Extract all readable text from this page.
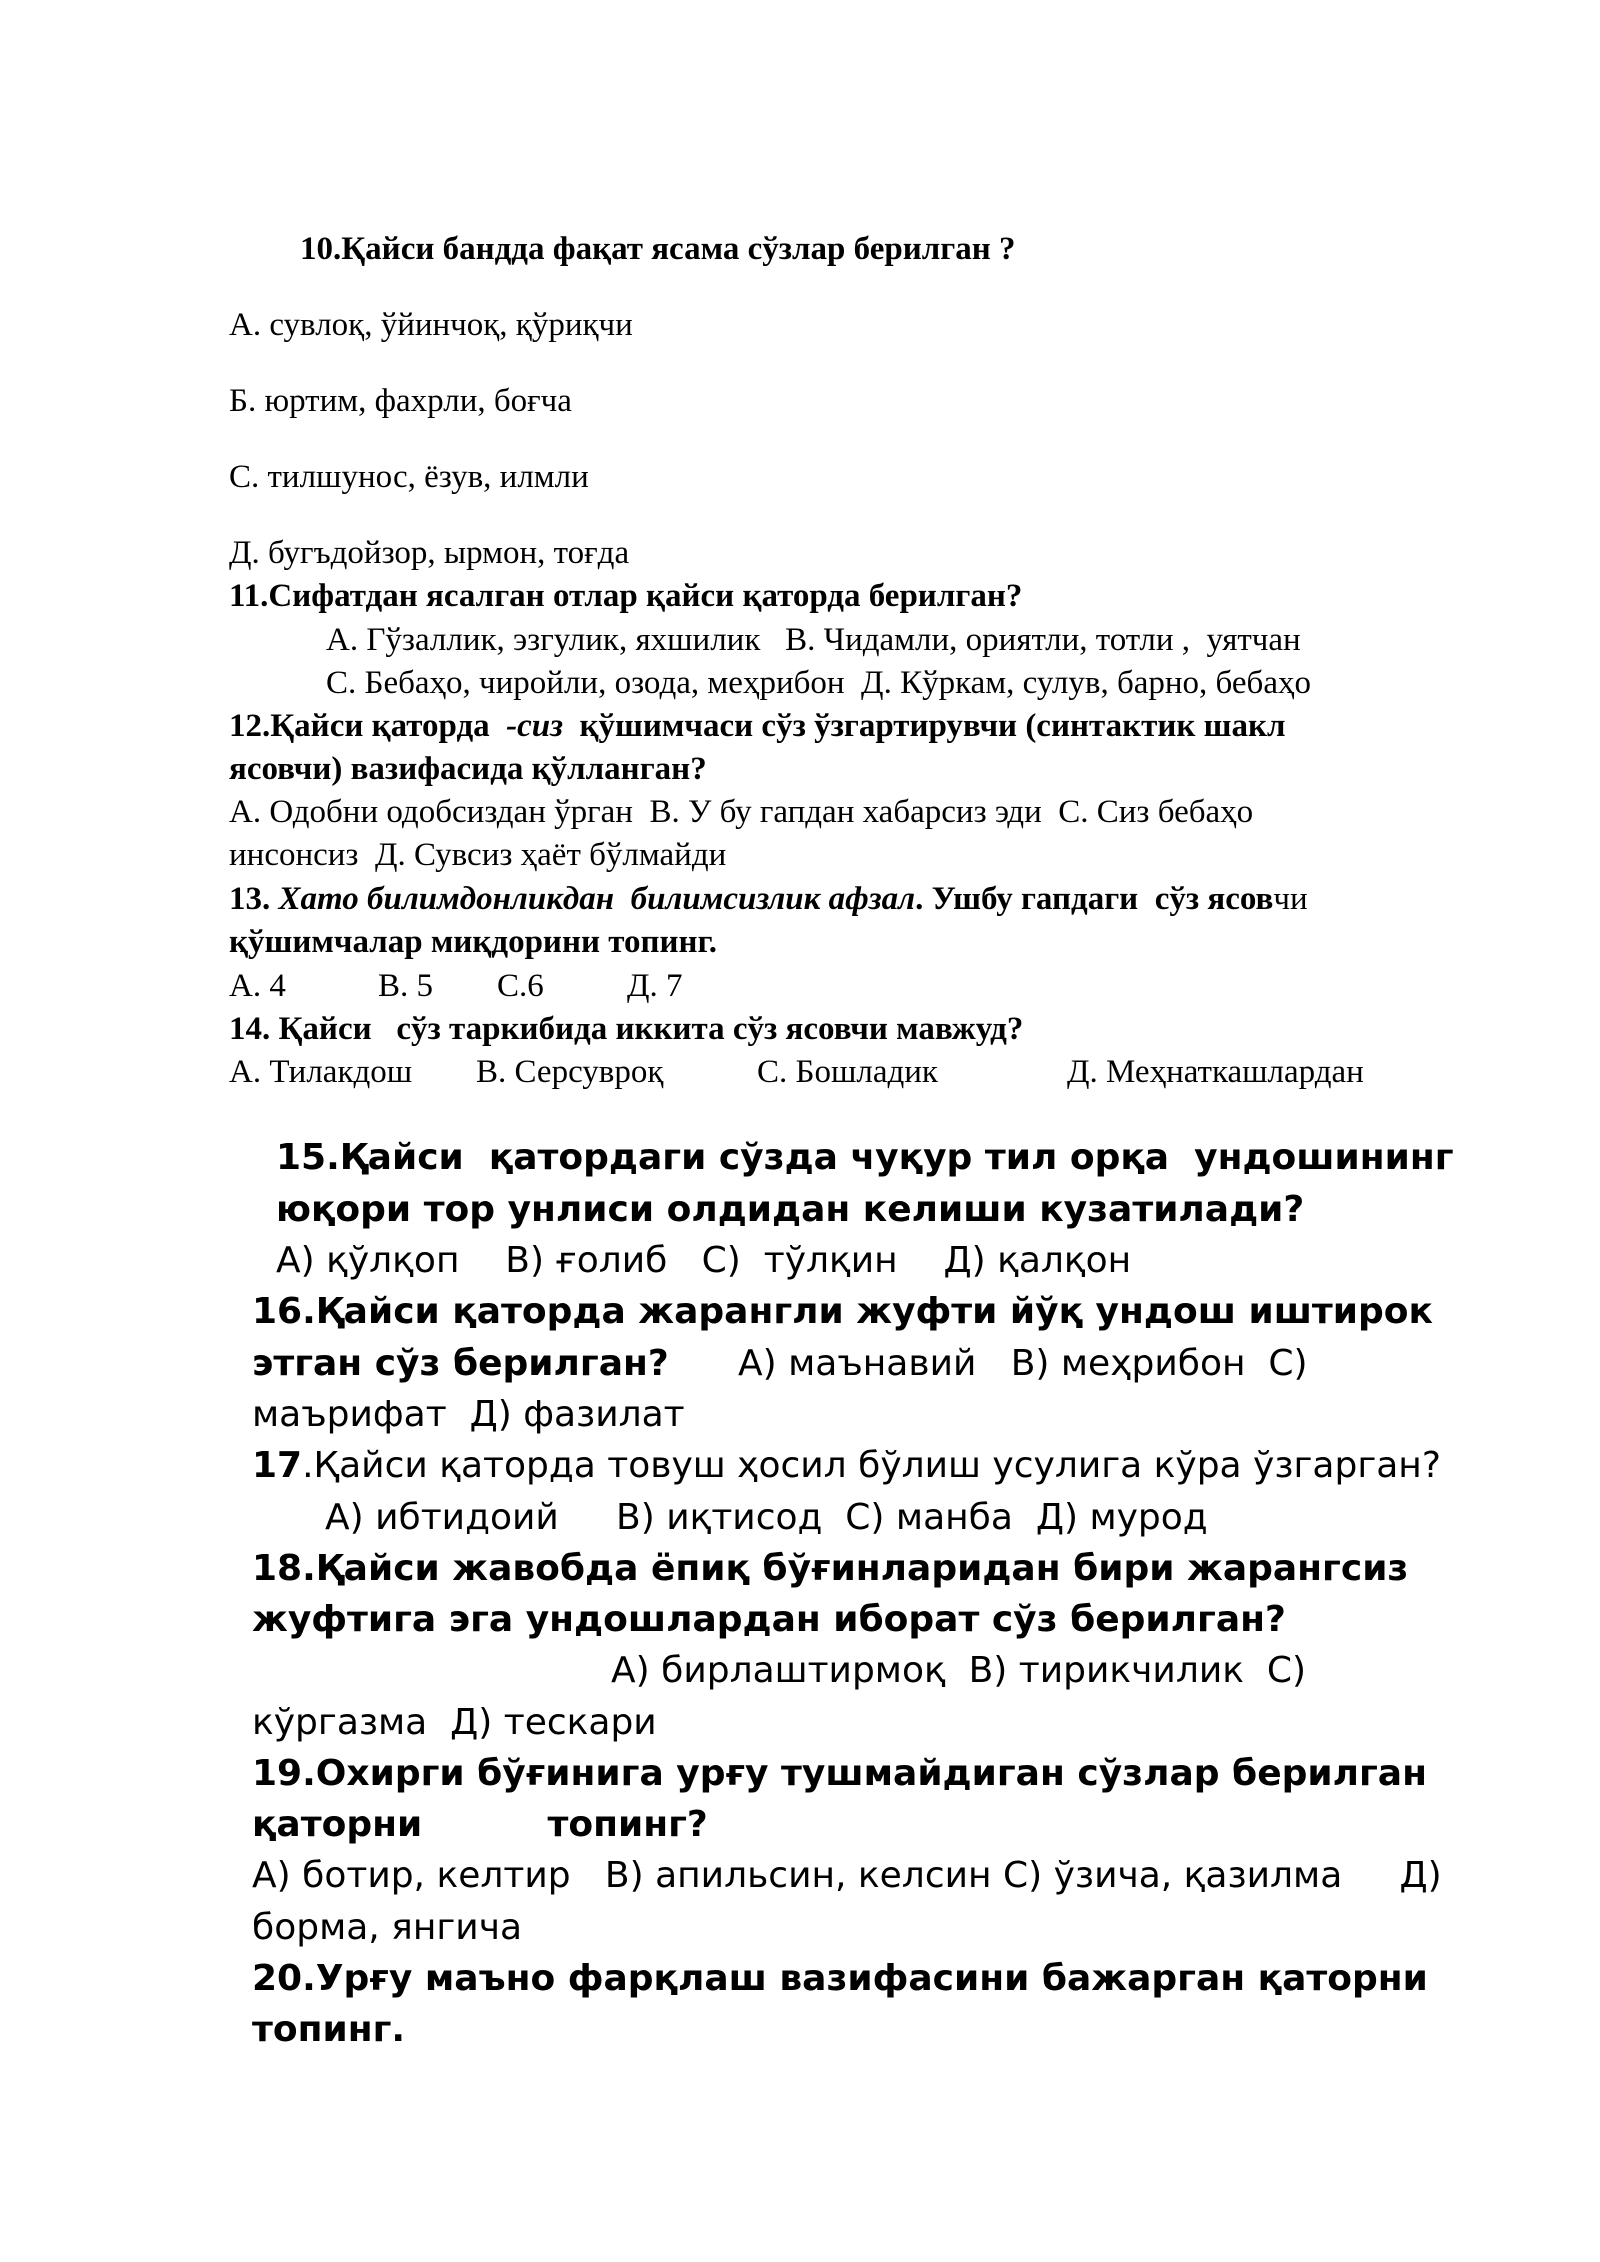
10.Қайси бандда фақат ясама сўзлар берилган ?
А. сувлоқ, ўйинчоқ, қўриқчи
Б. юртим, фахрли, боғча
С. тилшунос, ёзув, илмли
Д. бугъдойзор, ырмон, тоғда
11.Сифатдан ясалган отлар қайси қаторда берилган?
А. Гўзаллик, эзгулик, яхшилик   В. Чидамли, ориятли, тотли ,  уятчан
С. Бебаҳо, чиройли, озода, меҳрибон  Д. Кўркам, сулув, барно, бебаҳо
12.Қайси қаторда  -сиз  қўшимчаси сўз ўзгартирувчи (синтактик шакл
ясовчи) вазифасида қўлланган?
А. Одобни одобсиздан ўрган  В. У бу гапдан хабарсиз эди  С. Сиз бебаҳо
инсонсиз  Д. Сувсиз ҳаёт бўлмайди
13. Хато билимдонликдан  билимсизлик афзал. Ушбу гапдаги  сўз ясовчи
қўшимчалар миқдорини топинг.
А. 4	В. 5 С.6	Д. 7
14. Қайси   сўз таркибида иккита сўз ясовчи мавжуд?
А. Тилакдош В. Серсувроқ	С. Бошладик	Д. Меҳнаткашлардан
15.Қайси  қатордаги сўзда чуқур тил орқа  ундошининг
юқори тор унлиси олдидан келиши кузатилади?
А) қўлқоп    В) ғолиб   С)  тўлқин    Д) қалқон
16.Қайси қаторда жарангли жуфти йўқ ундош иштирок
этган сўз берилган? А) маънавий   В) меҳрибон  С)
маърифат  Д) фазилат
17.Қайси қаторда товуш ҳосил бўлиш усулига кўра ўзгарган?
А) ибтидоий     В) иқтисод  С) манба  Д) мурод
18.Қайси жавобда ёпиқ бўғинларидан бири жарангсиз
жуфтига эга ундошлардан иборат сўз берилган?
А) бирлаштирмоқ  В) тирикчилик  С)
кўргазма  Д) тескари
19.Охирги бўғинига урғу тушмайдиган сўзлар берилган
қаторни          топинг?
А) ботир, келтир   В) апильсин, келсин С) ўзича, қазилма     Д)
борма, янгича
20.Урғу маъно фарқлаш вазифасини бажарган қаторни
топинг.
